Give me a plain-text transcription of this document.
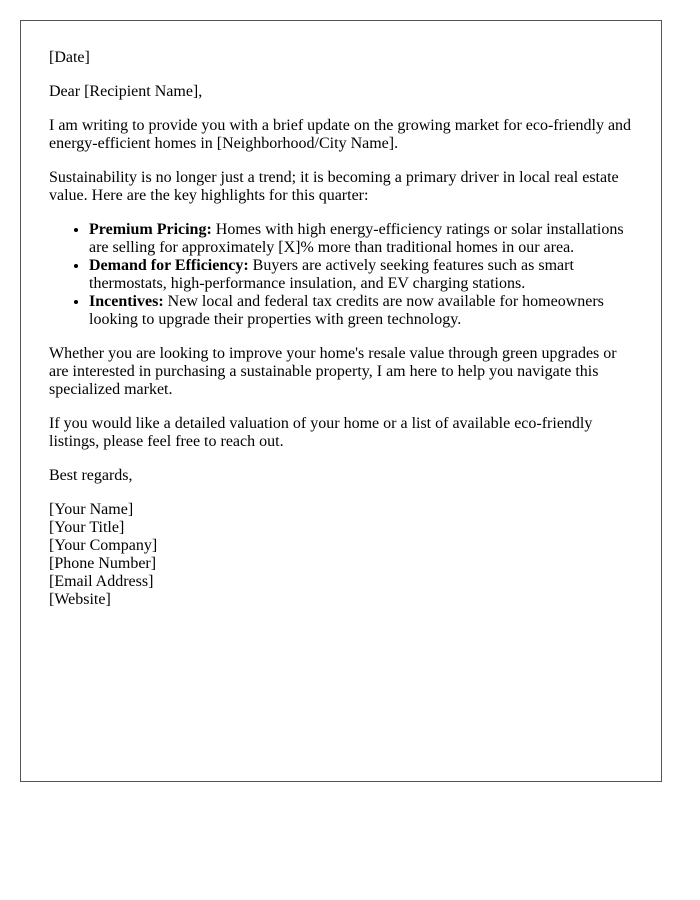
[Date]

Dear [Recipient Name],

I am writing to provide you with a brief update on the growing market for eco-friendly and energy-efficient homes in [Neighborhood/City Name].

Sustainability is no longer just a trend; it is becoming a primary driver in local real estate value. Here are the key highlights for this quarter:

• Premium Pricing: Homes with high energy-efficiency ratings or solar installations are selling for approximately [X]% more than traditional homes in our area.
• Demand for Efficiency: Buyers are actively seeking features such as smart thermostats, high-performance insulation, and EV charging stations.
• Incentives: New local and federal tax credits are now available for homeowners looking to upgrade their properties with green technology.

Whether you are looking to improve your home's resale value through green upgrades or are interested in purchasing a sustainable property, I am here to help you navigate this specialized market.

If you would like a detailed valuation of your home or a list of available eco-friendly listings, please feel free to reach out.

Best regards,

[Your Name]
[Your Title]
[Your Company]
[Phone Number]
[Email Address]
[Website]
